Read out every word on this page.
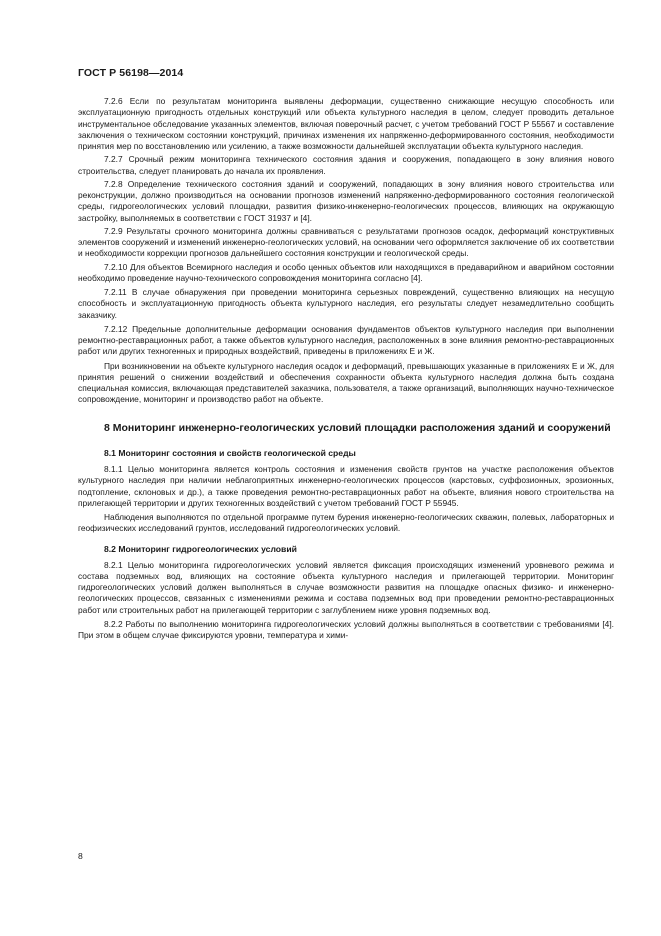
ГОСТ Р 56198—2014

7.2.6 Если по результатам мониторинга выявлены деформации, существенно снижающие несущую способность или эксплуатационную пригодность отдельных конструкций или объекта культурного наследия в целом, следует проводить детальное инструментальное обследование указанных элементов, включая поверочный расчет, с учетом требований ГОСТ Р 55567 и составление заключения о техническом состоянии конструкций, причинах изменения их напряженно-деформированного состояния, необходимости принятия мер по восстановлению или усилению, а также возможности дальнейшей эксплуатации объекта культурного наследия.

7.2.7 Срочный режим мониторинга технического состояния здания и сооружения, попадающего в зону влияния нового строительства, следует планировать до начала их проявления.

7.2.8 Определение технического состояния зданий и сооружений, попадающих в зону влияния нового строительства или реконструкции, должно производиться на основании прогнозов изменений напряженно-деформированного состояния геологической среды, гидрогеологических условий площадки, развития физико-инженерно-геологических процессов, влияющих на окружающую застройку, выполняемых в соответствии с ГОСТ 31937 и [4].

7.2.9 Результаты срочного мониторинга должны сравниваться с результатами прогнозов осадок, деформаций конструктивных элементов сооружений и изменений инженерно-геологических условий, на основании чего оформляется заключение об их соответствии и необходимости коррекции прогнозов дальнейшего состояния конструкции и геологической среды.

7.2.10 Для объектов Всемирного наследия и особо ценных объектов или находящихся в предаварийном и аварийном состоянии необходимо проведение научно-технического сопровождения мониторинга согласно [4].

7.2.11 В случае обнаружения при проведении мониторинга серьезных повреждений, существенно влияющих на несущую способность и эксплуатационную пригодность объекта культурного наследия, его результаты следует незамедлительно сообщить заказчику.

7.2.12 Предельные дополнительные деформации основания фундаментов объектов культурного наследия при выполнении ремонтно-реставрационных работ, а также объектов культурного наследия, расположенных в зоне влияния ремонтно-реставрационных работ или других техногенных и природных воздействий, приведены в приложениях Е и Ж.

При возникновении на объекте культурного наследия осадок и деформаций, превышающих указанные в приложениях Е и Ж, для принятия решений о снижении воздействий и обеспечения сохранности объекта культурного наследия должна быть создана специальная комиссия, включающая представителей заказчика, пользователя, а также организаций, выполняющих научно-техническое сопровождение, мониторинг и производство работ на объекте.

8 Мониторинг инженерно-геологических условий площадки расположения зданий и сооружений
8.1 Мониторинг состояния и свойств геологической среды

8.1.1 Целью мониторинга является контроль состояния и изменения свойств грунтов на участке расположения объектов культурного наследия при наличии неблагоприятных инженерно-геологических процессов (карстовых, суффозионных, эрозионных, подтопление, склоновых и др.), а также проведения ремонтно-реставрационных работ на объекте, влияния нового строительства на прилегающей территории и других техногенных воздействий с учетом требований ГОСТ Р 55945.

Наблюдения выполняются по отдельной программе путем бурения инженерно-геологических скважин, полевых, лабораторных и геофизических исследований грунтов, исследований гидрогеологических условий.

8.2 Мониторинг гидрогеологических условий

8.2.1 Целью мониторинга гидрогеологических условий является фиксация происходящих изменений уровневого режима и состава подземных вод, влияющих на состояние объекта культурного наследия и прилегающей территории. Мониторинг гидрогеологических условий должен выполняться в случае возможности развития на площадке опасных физико- и инженерно-геологических процессов, связанных с изменениями режима и состава подземных вод при проведении ремонтно-реставрационных работ или строительных работ на прилегающей территории с заглублением ниже уровня подземных вод.

8.2.2 Работы по выполнению мониторинга гидрогеологических условий должны выполняться в соответствии с требованиями [4]. При этом в общем случае фиксируются уровни, температура и хими-

8
